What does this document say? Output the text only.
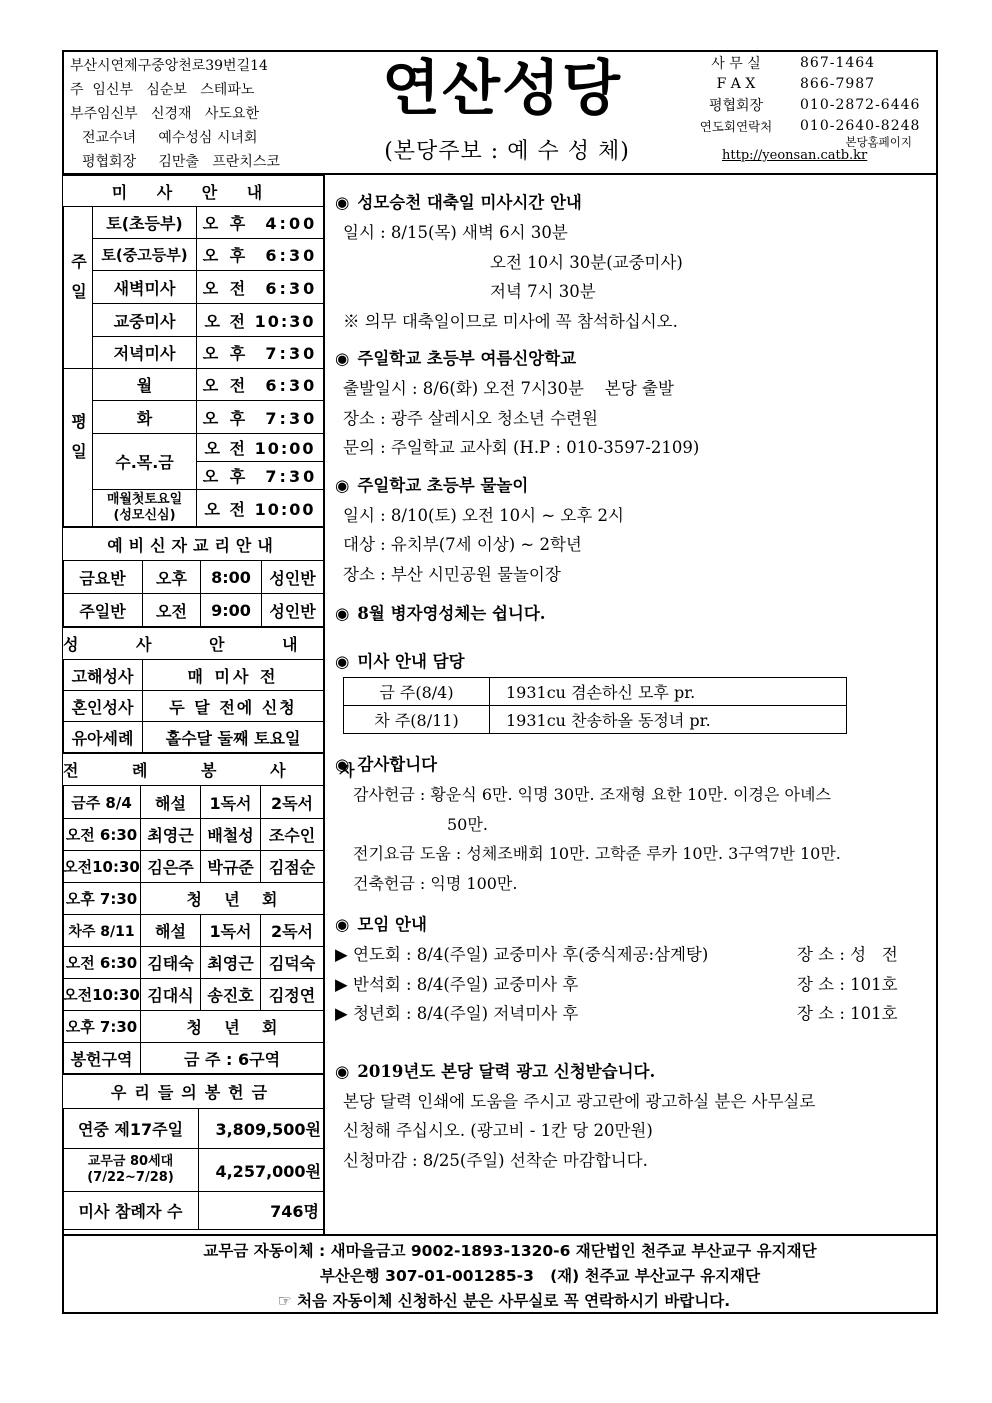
부산시연제구중앙천로39번길14
주  임신부   심순보   스테파노
부주임신부   신경재   사도요한
전교수녀     예수성심 시녀회
평협회장     김만출   프란치스코
연산성당
(본당주보 : 예 수 성 체)
사 무 실	867-1464
F A X	866-7987
평협회장	010-2872-6446
연도회연락처	010-2640-8248
본당홈페이지
http://yeonsan.catb.kr
미 사 안 내		
주일	토(초등부)	오 후 4:00
	토(중고등부)	오 후 6:30
	새벽미사	오 전 6:30
	교중미사	오 전 10:30
	저녁미사	오 후 7:30
평일	월	오 전 6:30
	화	오 후 7:30
	수.목.금	오 전 10:00
		오 후 7:30

	매월첫토요일
(성모신심)	오 전 10:00
예비신자교리안내			
금요반	오후	8:00	성인반
주일반	오전	9:00	성인반
성 사 안 내	
고해성사	매 미사 전
혼인성사	두 달 전에 신청
유아세례	홀수달 둘째 토요일
전 례 봉 사 자			
금주 8/4	해설	1독서	2독서
오전 6:30	최영근	배철성	조수인
오전10:30	김은주	박규준	김점순
오후 7:30	청    년    회		
차주 8/11	해설	1독서	2독서
오전 6:30	김태숙	최영근	김덕숙
오전10:30	김대식	송진호	김정연
오후 7:30	청    년    회		
봉헌구역	금 주 : 6구역		
우리들의봉헌금	
연중 제17주일	3,809,500원

교무금 80세대
(7/22~7/28)	4,257,000원
미사 참례자 수	746명
◉ 성모승천 대축일 미사시간 안내
일시 : 8/15(목) 새벽 6시 30분
오전 10시 30분(교중미사)
저녁 7시 30분
※ 의무 대축일이므로 미사에 꼭 참석하십시오.
◉ 주일학교 초등부 여름신앙학교
출발일시 : 8/6(화) 오전 7시30분    본당 출발
장소 : 광주 살레시오 청소년 수련원
문의 : 주일학교 교사회 (H.P : 010-3597-2109)
◉ 주일학교 초등부 물놀이
일시 : 8/10(토) 오전 10시 ~ 오후 2시
대상 : 유치부(7세 이상) ~ 2학년
장소 : 부산 시민공원 물놀이장
◉ 8월 병자영성체는 쉽니다.
◉ 미사 안내 담당
금 주(8/4)	1931cu 겸손하신 모후 pr.
차 주(8/11)	1931cu 찬송하올 동정녀 pr.
◉ 감사합니다
감사헌금 : 황운식 6만. 익명 30만. 조재형 요한 10만. 이경은 아녜스
50만.
전기요금 도움 : 성체조배회 10만. 고학준 루카 10만. 3구역7반 10만.
건축헌금 : 익명 100만.
◉ 모임 안내
▶ 연도회 : 8/4(주일) 교중미사 후(중식제공:삼계탕)	장 소 : 성   전
▶ 반석회 : 8/4(주일) 교중미사 후	장 소 : 101호
▶ 청년회 : 8/4(주일) 저녁미사 후	장 소 : 101호
◉ 2019년도 본당 달력 광고 신청받습니다.
본당 달력 인쇄에 도움을 주시고 광고란에 광고하실 분은 사무실로
신청해 주십시오. (광고비 - 1칸 당 20만원)
신청마감 : 8/25(주일) 선착순 마감합니다.
교무금 자동이체 : 새마을금고 9002-1893-1320-6 재단법인 천주교 부산교구 유지재단
부산은행 307-01-001285-3   (재) 천주교 부산교구 유지재단
☞ 처음 자동이체 신청하신 분은 사무실로 꼭 연락하시기 바랍니다.
